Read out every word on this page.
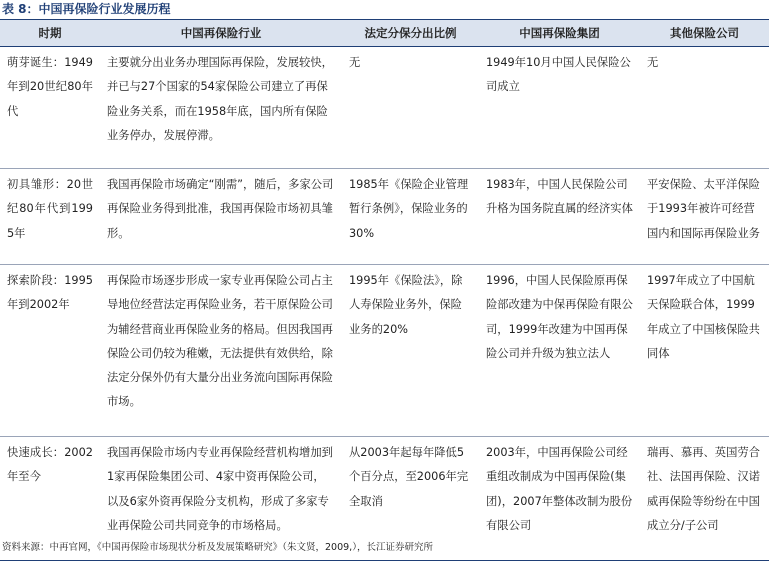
表 8：中国再保险行业发展历程
时期	中国再保险行业	法定分保分出比例	中国再保险集团	其他保险公司
萌芽诞生：1949年到20世纪80年代	主要就分出业务办理国际再保险，发展较快，并已与27个国家的54家保险公司建立了再保险业务关系，而在1958年底，国内所有保险业务停办，发展停滞。	无	1949年10月中国人民保险公司成立	无
初具雏形：20世纪80年代到1995年	我国再保险市场确定“刚需”，随后，多家公司再保险业务得到批准，我国再保险市场初具雏形。	1985年《保险企业管理暂行条例》，保险业务的30%	1983年，中国人民保险公司升格为国务院直属的经济实体	平安保险、太平洋保险于1993年被许可经营国内和国际再保险业务
探索阶段：1995年到2002年	再保险市场逐步形成一家专业再保险公司占主导地位经营法定再保险业务，若干原保险公司为辅经营商业再保险业务的格局。但因我国再保险公司仍较为稚嫩，无法提供有效供给，除法定分保外仍有大量分出业务流向国际再保险市场。	1995年《保险法》，除人寿保险业务外，保险业务的20%	1996，中国人民保险原再保险部改建为中保再保险有限公司，1999年改建为中国再保险公司并升级为独立法人	1997年成立了中国航天保险联合体，1999年成立了中国核保险共同体
快速成长：2002年至今	我国再保险市场内专业再保险经营机构增加到1家再保险集团公司、4家中资再保险公司，以及6家外资再保险分支机构，形成了多家专业再保险公司共同竞争的市场格局。	从2003年起每年降低5个百分点，至2006年完全取消	2003年，中国再保险公司经重组改制成为中国再保险(集团)，2007年整体改制为股份有限公司	瑞再、慕再、英国劳合社、法国再保险、汉诺威再保险等纷纷在中国成立分/子公司
资料来源：中再官网，《中国再保险市场现状分析及发展策略研究》（朱文贤，2009,），长江证券研究所
